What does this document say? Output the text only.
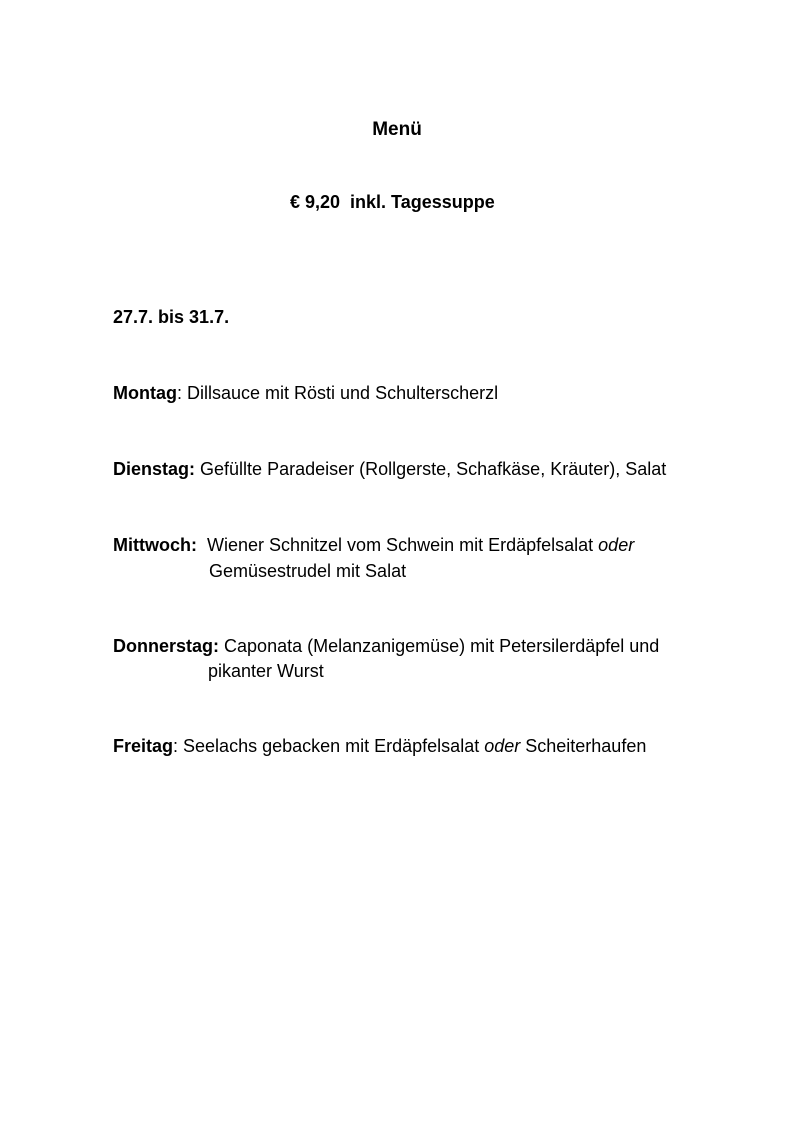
Menü
€ 9,20  inkl. Tagessuppe
27.7. bis 31.7.
Montag: Dillsauce mit Rösti und Schulterscherzl
Dienstag: Gefüllte Paradeiser (Rollgerste, Schafkäse, Kräuter), Salat
Mittwoch: Wiener Schnitzel vom Schwein mit Erdäpfelsalat oder
Gemüsestrudel mit Salat
Donnerstag: Caponata (Melanzanigemüse) mit Petersilerdäpfel und
pikanter Wurst
Freitag: Seelachs gebacken mit Erdäpfelsalat oder Scheiterhaufen
